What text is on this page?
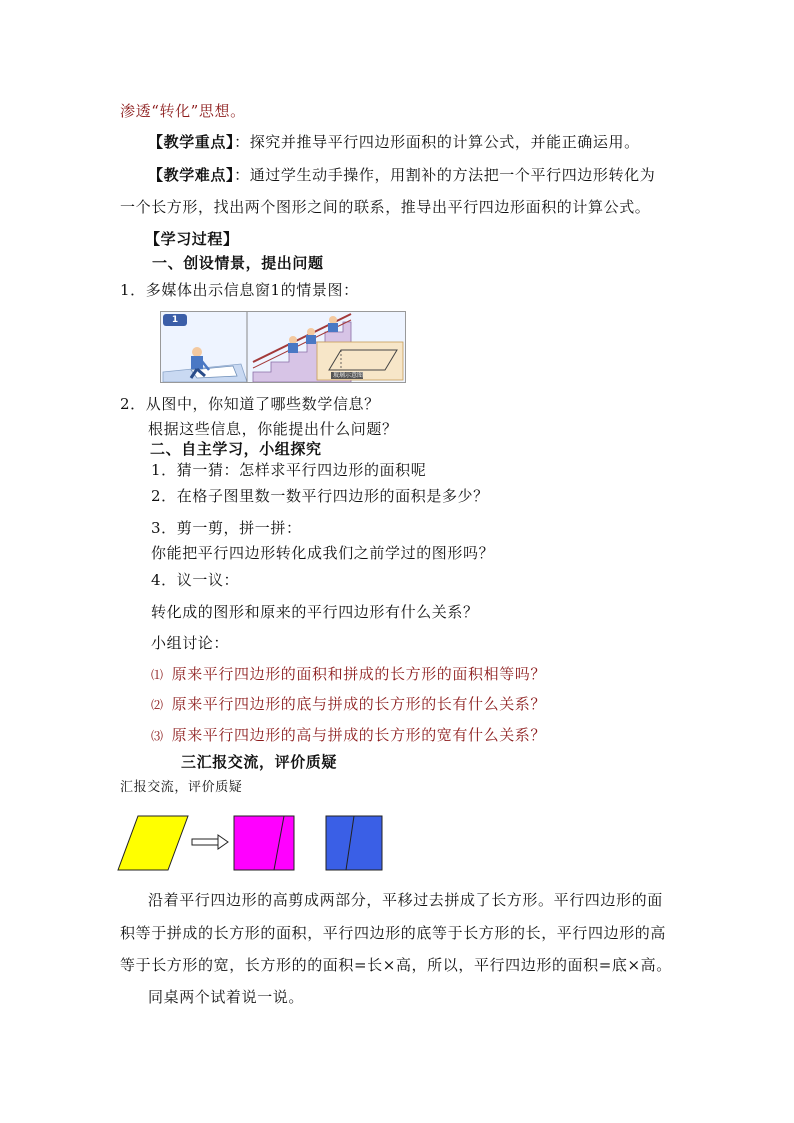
渗透“转化”思想。
【教学重点】：探究并推导平行四边形面积的计算公式，并能正确运用。
【教学难点】：通过学生动手操作，用割补的方法把一个平行四边形转化为
一个长方形，找出两个图形之间的联系，推导出平行四边形面积的计算公式。
【学习过程】
一、创设情景，提出问题
1．多媒体出示信息窗1的情景图：
1
玻璃示意图
2．从图中，你知道了哪些数学信息？
根据这些信息，你能提出什么问题？
二、自主学习，小组探究
1．猜一猜：怎样求平行四边形的面积呢
2．在格子图里数一数平行四边形的面积是多少？
3．剪一剪，拼一拼：
你能把平行四边形转化成我们之前学过的图形吗？
4．议一议：
转化成的图形和原来的平行四边形有什么关系？
小组讨论：
⑴ 原来平行四边形的面积和拼成的长方形的面积相等吗？
⑵ 原来平行四边形的底与拼成的长方形的长有什么关系？
⑶ 原来平行四边形的高与拼成的长方形的宽有什么关系？
三汇报交流，评价质疑
汇报交流，评价质疑
沿着平行四边形的高剪成两部分，平移过去拼成了长方形。平行四边形的面
积等于拼成的长方形的面积，平行四边形的底等于长方形的长，平行四边形的高
等于长方形的宽，长方形的的面积=长×高，所以，平行四边形的面积=底×高。
同桌两个试着说一说。
